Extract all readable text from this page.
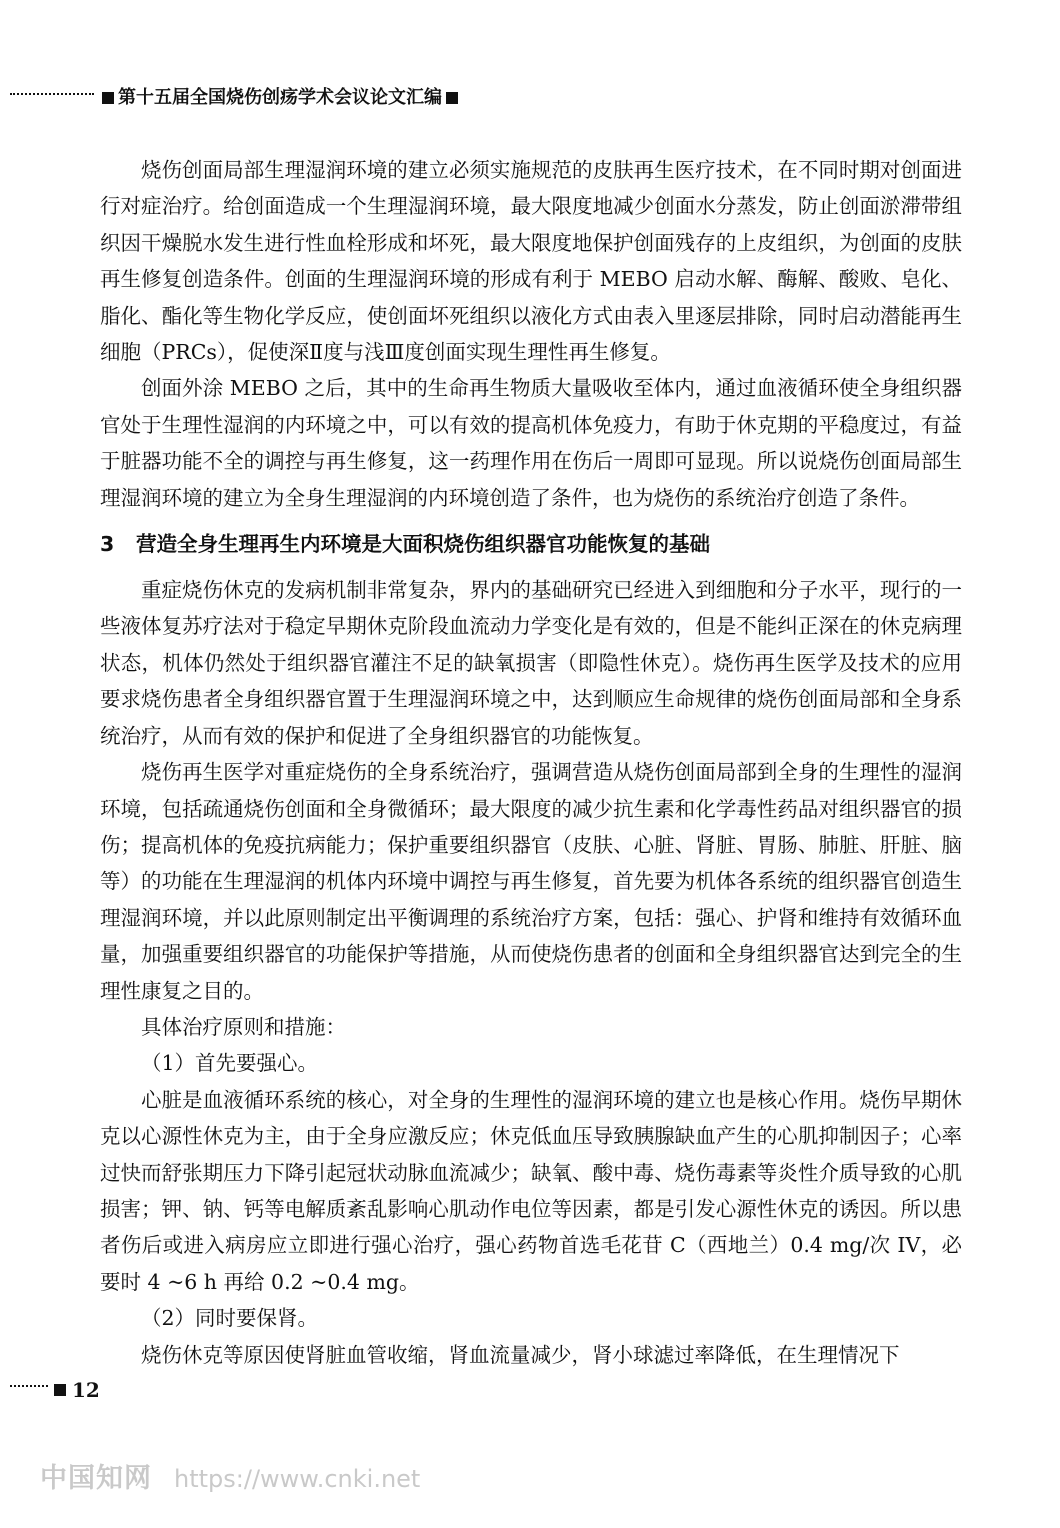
第十五届全国烧伤创疡学术会议论文汇编

烧伤创面局部生理湿润环境的建立必须实施规范的皮肤再生医疗技术，在不同时期对创面进行对症治疗。给创面造成一个生理湿润环境，最大限度地减少创面水分蒸发，防止创面淤滞带组织因干燥脱水发生进行性血栓形成和坏死，最大限度地保护创面残存的上皮组织，为创面的皮肤再生修复创造条件。创面的生理湿润环境的形成有利于 MEBO 启动水解、酶解、酸败、皂化、脂化、酯化等生物化学反应，使创面坏死组织以液化方式由表入里逐层排除，同时启动潜能再生细胞（PRCs），促使深Ⅱ度与浅Ⅲ度创面实现生理性再生修复。

创面外涂 MEBO 之后，其中的生命再生物质大量吸收至体内，通过血液循环使全身组织器官处于生理性湿润的内环境之中，可以有效的提高机体免疫力，有助于休克期的平稳度过，有益于脏器功能不全的调控与再生修复，这一药理作用在伤后一周即可显现。所以说烧伤创面局部生理湿润环境的建立为全身生理湿润的内环境创造了条件，也为烧伤的系统治疗创造了条件。

3 营造全身生理再生内环境是大面积烧伤组织器官功能恢复的基础

重症烧伤休克的发病机制非常复杂，界内的基础研究已经进入到细胞和分子水平，现行的一些液体复苏疗法对于稳定早期休克阶段血流动力学变化是有效的，但是不能纠正深在的休克病理状态，机体仍然处于组织器官灌注不足的缺氧损害（即隐性休克）。烧伤再生医学及技术的应用要求烧伤患者全身组织器官置于生理湿润环境之中，达到顺应生命规律的烧伤创面局部和全身系统治疗，从而有效的保护和促进了全身组织器官的功能恢复。

烧伤再生医学对重症烧伤的全身系统治疗，强调营造从烧伤创面局部到全身的生理性的湿润环境，包括疏通烧伤创面和全身微循环；最大限度的减少抗生素和化学毒性药品对组织器官的损伤；提高机体的免疫抗病能力；保护重要组织器官（皮肤、心脏、肾脏、胃肠、肺脏、肝脏、脑等）的功能在生理湿润的机体内环境中调控与再生修复，首先要为机体各系统的组织器官创造生理湿润环境，并以此原则制定出平衡调理的系统治疗方案，包括：强心、护肾和维持有效循环血量，加强重要组织器官的功能保护等措施，从而使烧伤患者的创面和全身组织器官达到完全的生理性康复之目的。

具体治疗原则和措施：

（1）首先要强心。

心脏是血液循环系统的核心，对全身的生理性的湿润环境的建立也是核心作用。烧伤早期休克以心源性休克为主，由于全身应激反应；休克低血压导致胰腺缺血产生的心肌抑制因子；心率过快而舒张期压力下降引起冠状动脉血流减少；缺氧、酸中毒、烧伤毒素等炎性介质导致的心肌损害；钾、钠、钙等电解质紊乱影响心肌动作电位等因素，都是引发心源性休克的诱因。所以患者伤后或进入病房应立即进行强心治疗，强心药物首选毛花苷 C（西地兰）0.4 mg/次 IV，必要时 4 ~6 h 再给 0.2 ~0.4 mg。

（2）同时要保肾。

烧伤休克等原因使肾脏血管收缩，肾血流量减少，肾小球滤过率降低，在生理情况下

12
中国知网 https://www.cnki.net
